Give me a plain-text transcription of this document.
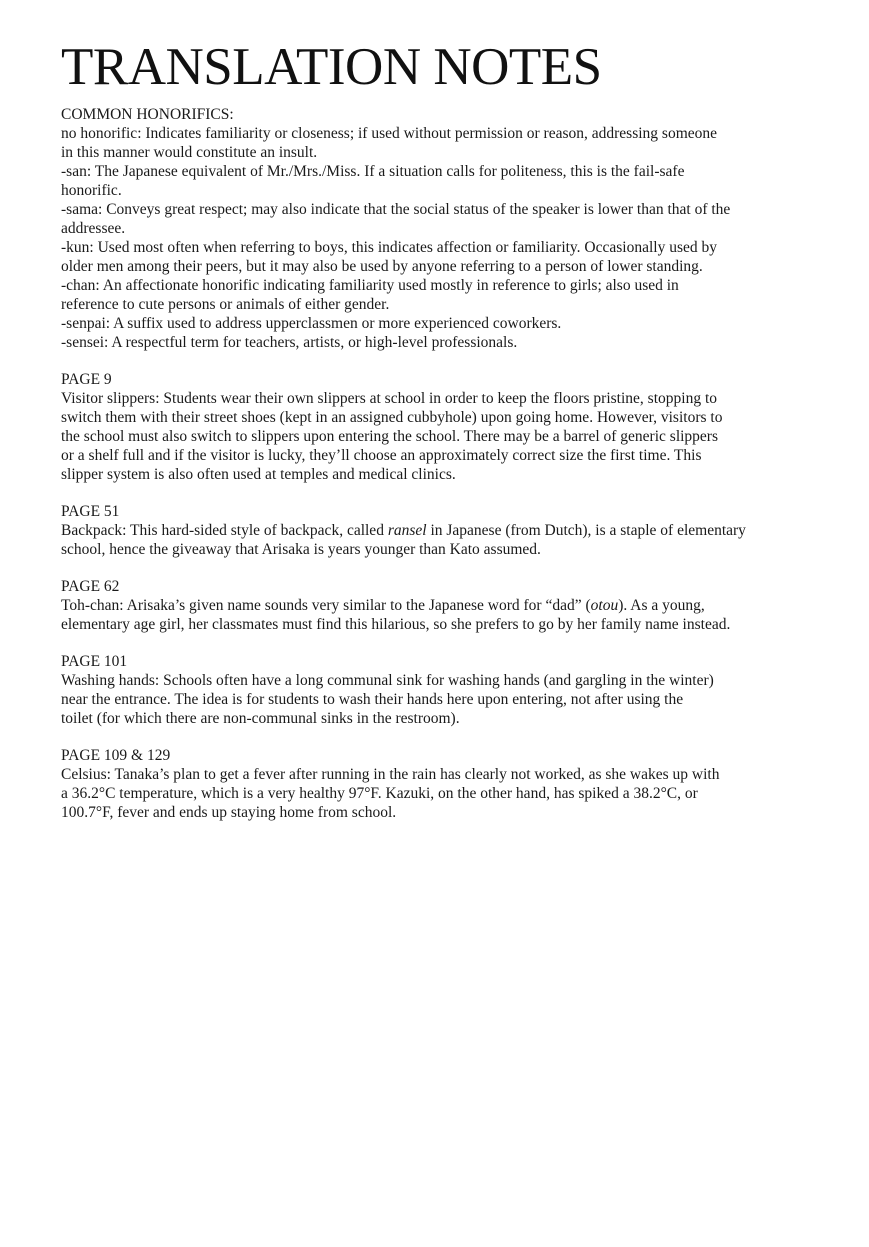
TRANSLATION NOTES
COMMON HONORIFICS:
no honorific: Indicates familiarity or closeness; if used without permission or reason, addressing someone
in this manner would constitute an insult.
-san: The Japanese equivalent of Mr./Mrs./Miss. If a situation calls for politeness, this is the fail-safe
honorific.
-sama: Conveys great respect; may also indicate that the social status of the speaker is lower than that of the
addressee.
-kun: Used most often when referring to boys, this indicates affection or familiarity. Occasionally used by
older men among their peers, but it may also be used by anyone referring to a person of lower standing.
-chan: An affectionate honorific indicating familiarity used mostly in reference to girls; also used in
reference to cute persons or animals of either gender.
-senpai: A suffix used to address upperclassmen or more experienced coworkers.
-sensei: A respectful term for teachers, artists, or high-level professionals.
PAGE 9
Visitor slippers: Students wear their own slippers at school in order to keep the floors pristine, stopping to
switch them with their street shoes (kept in an assigned cubbyhole) upon going home. However, visitors to
the school must also switch to slippers upon entering the school. There may be a barrel of generic slippers
or a shelf full and if the visitor is lucky, they’ll choose an approximately correct size the first time. This
slipper system is also often used at temples and medical clinics.
PAGE 51
Backpack: This hard-sided style of backpack, called ransel in Japanese (from Dutch), is a staple of elementary
school, hence the giveaway that Arisaka is years younger than Kato assumed.
PAGE 62
Toh-chan: Arisaka’s given name sounds very similar to the Japanese word for “dad” (otou). As a young,
elementary age girl, her classmates must find this hilarious, so she prefers to go by her family name instead.
PAGE 101
Washing hands: Schools often have a long communal sink for washing hands (and gargling in the winter)
near the entrance. The idea is for students to wash their hands here upon entering, not after using the
toilet (for which there are non-communal sinks in the restroom).
PAGE 109 & 129
Celsius: Tanaka’s plan to get a fever after running in the rain has clearly not worked, as she wakes up with
a 36.2°C temperature, which is a very healthy 97°F. Kazuki, on the other hand, has spiked a 38.2°C, or
100.7°F, fever and ends up staying home from school.
